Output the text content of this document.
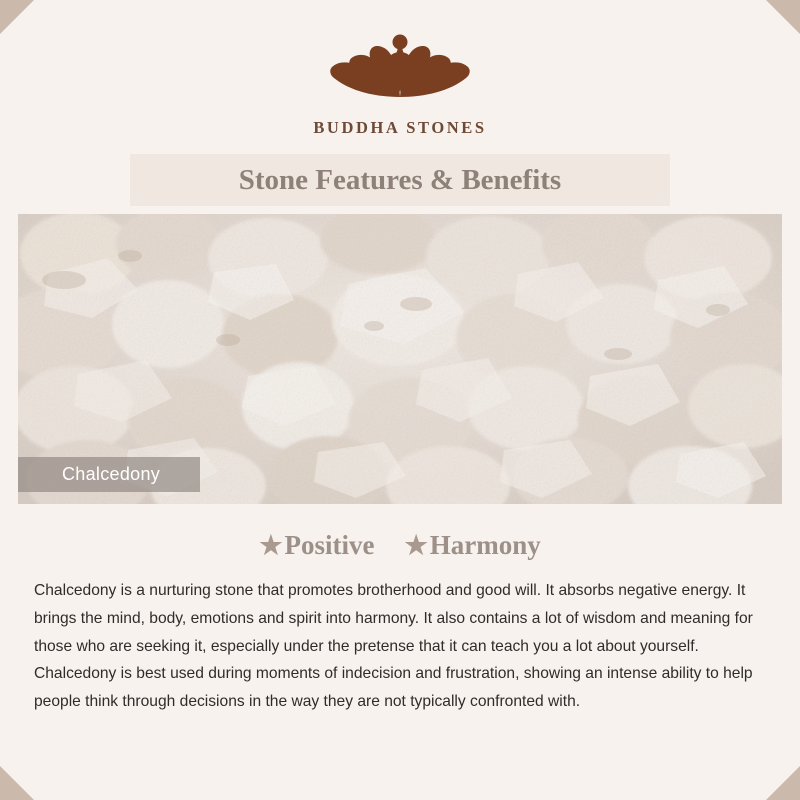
BUDDHA STONES
Stone Features & Benefits
Chalcedony
★ Positive ★ Harmony

Chalcedony is a nurturing stone that promotes brotherhood and good will. It absorbs negative energy. It brings the mind, body, emotions and spirit into harmony. It also contains a lot of wisdom and meaning for those who are seeking it, especially under the pretense that it can teach you a lot about yourself. Chalcedony is best used during moments of indecision and frustration, showing an intense ability to help people think through decisions in the way they are not typically confronted with.
